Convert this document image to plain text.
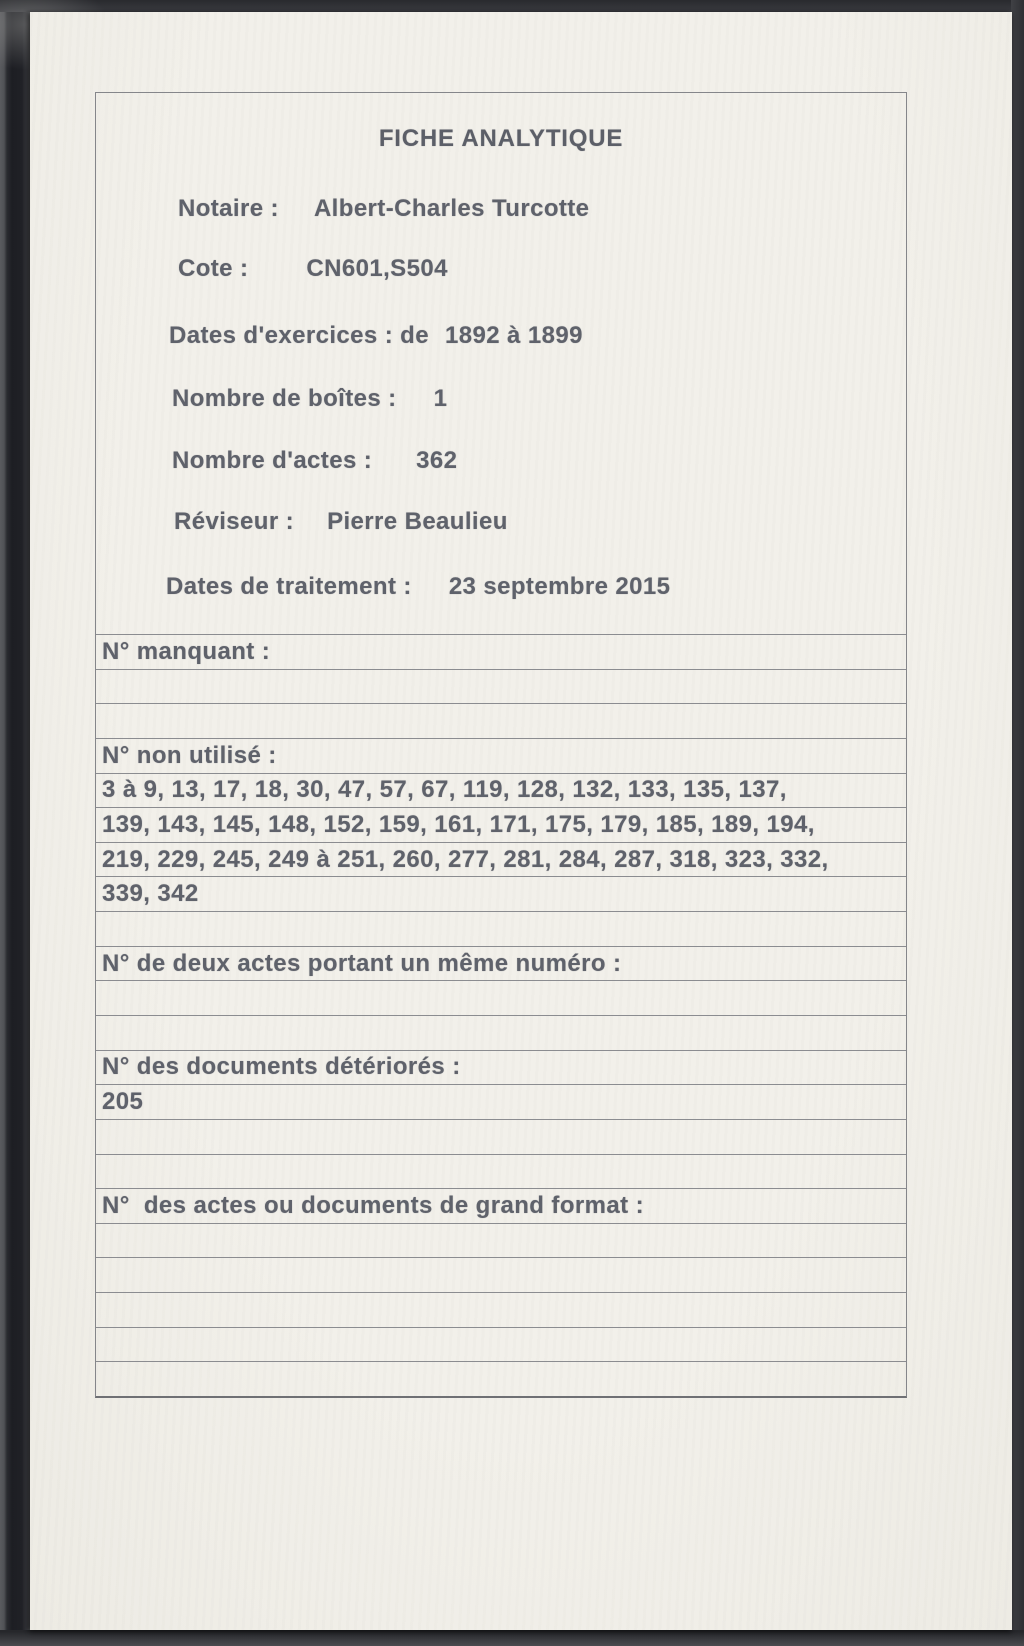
FICHE ANALYTIQUE
Notaire : Albert-Charles Turcotte
Cote : CN601,S504
Dates d'exercices : de 1892 à 1899
Nombre de boîtes : 1
Nombre d'actes : 362
Réviseur : Pierre Beaulieu
Dates de traitement : 23 septembre 2015
N° manquant :
N° non utilisé :
3 à 9, 13, 17, 18, 30, 47, 57, 67, 119, 128, 132, 133, 135, 137,
139, 143, 145, 148, 152, 159, 161, 171, 175, 179, 185, 189, 194,
219, 229, 245, 249 à 251, 260, 277, 281, 284, 287, 318, 323, 332,
339, 342
N° de deux actes portant un même numéro :
N° des documents détériorés :
205
N°  des actes ou documents de grand format :
